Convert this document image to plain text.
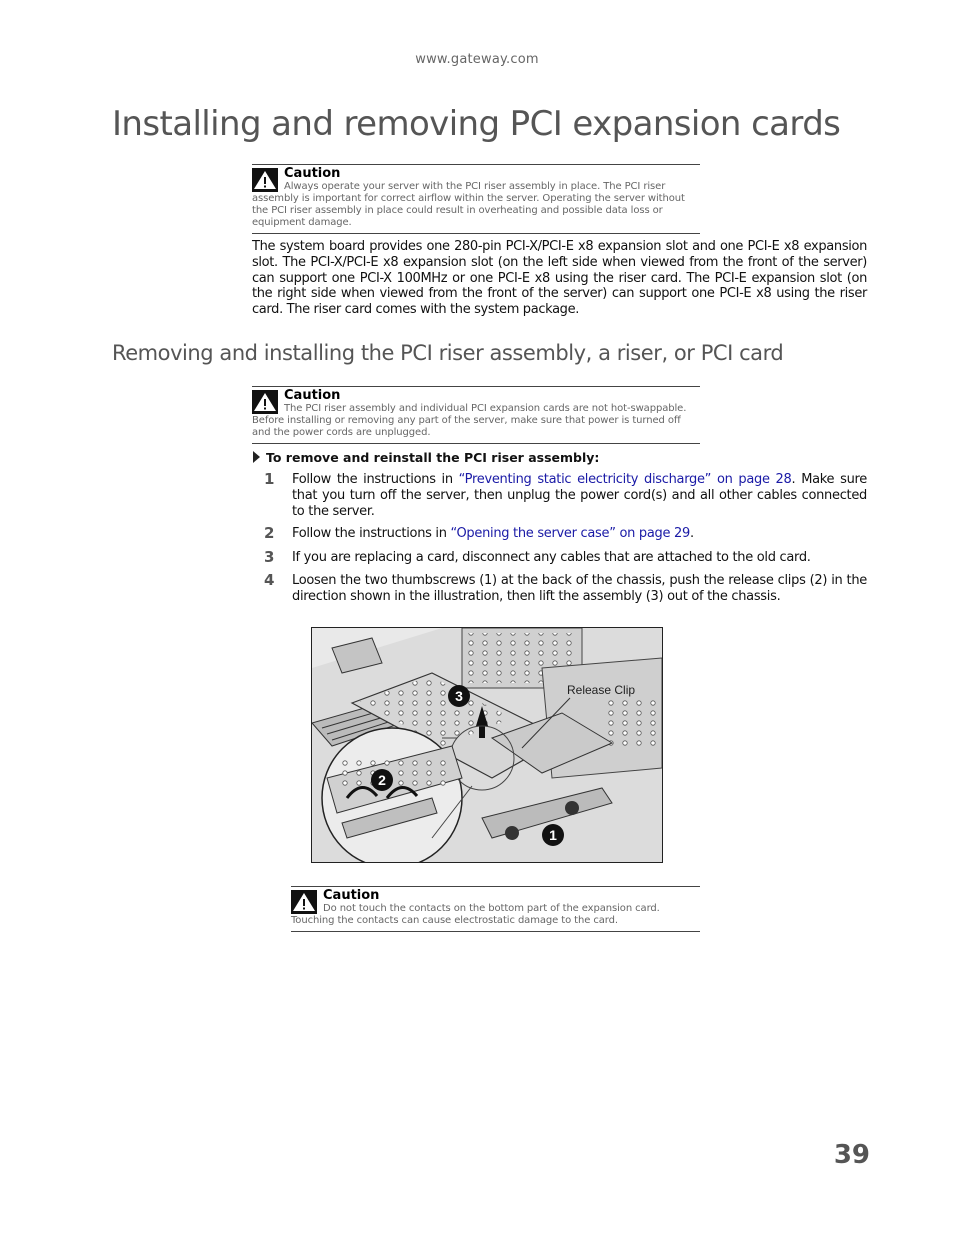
www.gateway.com
Installing and removing PCI expansion cards
Caution
Always operate your server with the PCI riser assembly in place. The PCI riser assembly is important for correct airflow within the server. Operating the server without the PCI riser assembly in place could result in overheating and possible data loss or equipment damage.
The system board provides one 280-pin PCI-X/PCI-E x8 expansion slot and one PCI-E x8 expansion slot. The PCI-X/PCI-E x8 expansion slot (on the left side when viewed from the front of the server) can support one PCI-X 100MHz or one PCI-E x8 using the riser card. The PCI-E expansion slot (on the right side when viewed from the front of the server) can support one PCI-E x8 using the riser card. The riser card comes with the system package.
Removing and installing the PCI riser assembly, a riser, or PCI card
Caution
The PCI riser assembly and individual PCI expansion cards are not hot-swappable. Before installing or removing any part of the server, make sure that power is turned off and the power cords are unplugged.
To remove and reinstall the PCI riser assembly:
1 Follow the instructions in “Preventing static electricity discharge” on page 28. Make sure that you turn off the server, then unplug the power cord(s) and all other cables connected to the server.
2 Follow the instructions in “Opening the server case” on page 29.
3 If you are replacing a card, disconnect any cables that are attached to the old card.
4 Loosen the two thumbscrews (1) at the back of the chassis, push the release clips (2) in the direction shown in the illustration, then lift the assembly (3) out of the chassis.
Release Clip
3
2
1
Caution
Do not touch the contacts on the bottom part of the expansion card. Touching the contacts can cause electrostatic damage to the card.
39
